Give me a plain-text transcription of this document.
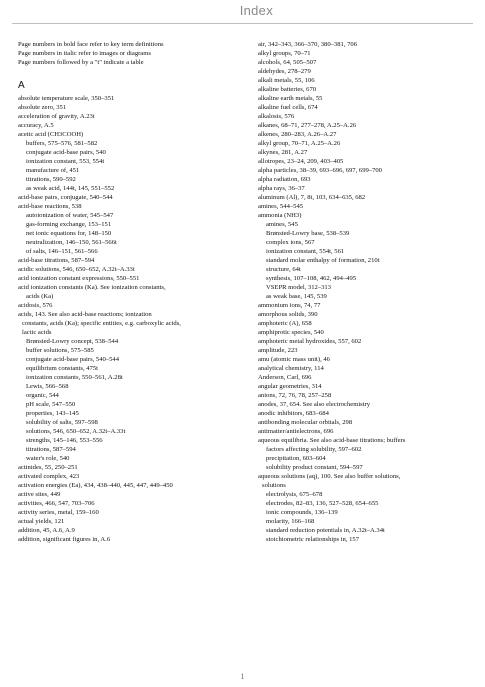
Index
Page numbers in bold face refer to key term definitions
Page numbers in italic refer to images or diagrams
Page numbers followed by a "t" indicate a table
A
absolute temperature scale, 350–351
absolute zero, 351
acceleration of gravity, A.23t
accuracy, A.5
acetic acid (CH3COOH)
buffers, 575–576, 581–582
conjugate acid-base pairs, 540
ionization constant, 553, 554t
manufacture of, 451
titrations, 590–592
as weak acid, 144t, 145, 551–552
acid-base pairs, conjugate, 540–544
acid-base reactions, 538
autoionization of water, 545–547
gas-forming exchange, 153–151
net ionic equations for, 148–150
neutralization, 146–150, 561–566t
of salts, 146–151, 561–566
acid-base titrations, 587–594
acidic solutions, 546, 650–652, A.32t–A.33t
acid ionization constant expressions, 550–551
acid ionization constants (Ka). See ionization constants,
acids (Ka)
acidosis, 576
acids, 143. See also acid-base reactions; ionization
constants, acids (Ka); specific entities, e.g. carboxylic acids,
lactic acids
Brønsted-Lowry concept, 538–544
buffer solutions, 575–585
conjugate acid-base pairs, 540–544
equilibrium constants, 475t
ionization constants, 550–561, A.28t
Lewis, 566–568
organic, 544
pH scale, 547–550
properties, 143–145
solubility of salts, 597–598
solutions, 546, 650–652, A.32t–A.33t
strengths, 145–146, 553–556
titrations, 587–594
water's role, 540
actinides, 55, 250–251
activated complex, 423
activation energies (Ea), 434, 438–440, 445, 447, 449–450
active sites, 449
activities, 466, 547, 703–706
activity series, metal, 159–160
actual yields, 121
addition, 45, A.6, A.9
addition, significant figures in, A.6
air, 342–343, 366–370, 380–381, 706
alkyl groups, 70–71
alcohols, 64, 505–507
aldehydes, 278–279
alkali metals, 55, 106
alkaline batteries, 670
alkaline earth metals, 55
alkaline fuel cells, 674
alkalosis, 576
alkanes, 68–71, 277–278, A.25–A.26
alkenes, 280–283, A.26–A.27
alkyl group, 70–71, A.25–A.26
alkynes, 281, A.27
allotropes, 23–24, 209, 403–405
alpha particles, 38–39, 693–696, 697, 699–700
alpha radiation, 693
alpha rays, 36–37
aluminum (Al), 7, 8t, 103, 634–635, 682
amines, 544–545
ammonia (NH3)
amines, 545
Brønsted-Lowry base, 538–539
complex ions, 567
ionization constant, 554t, 561
standard molar enthalpy of formation, 210t
structure, 64t
synthesis, 107–108, 462, 494–495
VSEPR model, 312–313
as weak base, 145, 539
ammonium ions, 74, 77
amorphous solids, 390
amphoteric (A), 658
amphiprotic species, 540
amphoteric metal hydroxides, 557, 602
amplitude, 223
amu (atomic mass unit), 46
analytical chemistry, 114
Anderson, Carl, 696
angular geometries, 314
anions, 72, 76, 78, 257–258
anodes, 37, 654. See also electrochemistry
anodic inhibitors, 683–684
antibonding molecular orbitals, 298
antimatter/antielectrons, 696
aqueous equilibria. See also acid-base titrations; buffers
factors affecting solubility, 597–602
precipitation, 603–604
solubility product constant, 594–597
aqueous solutions (aq), 100. See also buffer solutions,
solutions
electrolysis, 675–678
electrodes, 82–83, 136, 527–528, 654–655
ionic compounds, 136–139
molarity, 166–168
standard reduction potentials in, A.32t–A.34t
stoichiometric relationships in, 157
1
